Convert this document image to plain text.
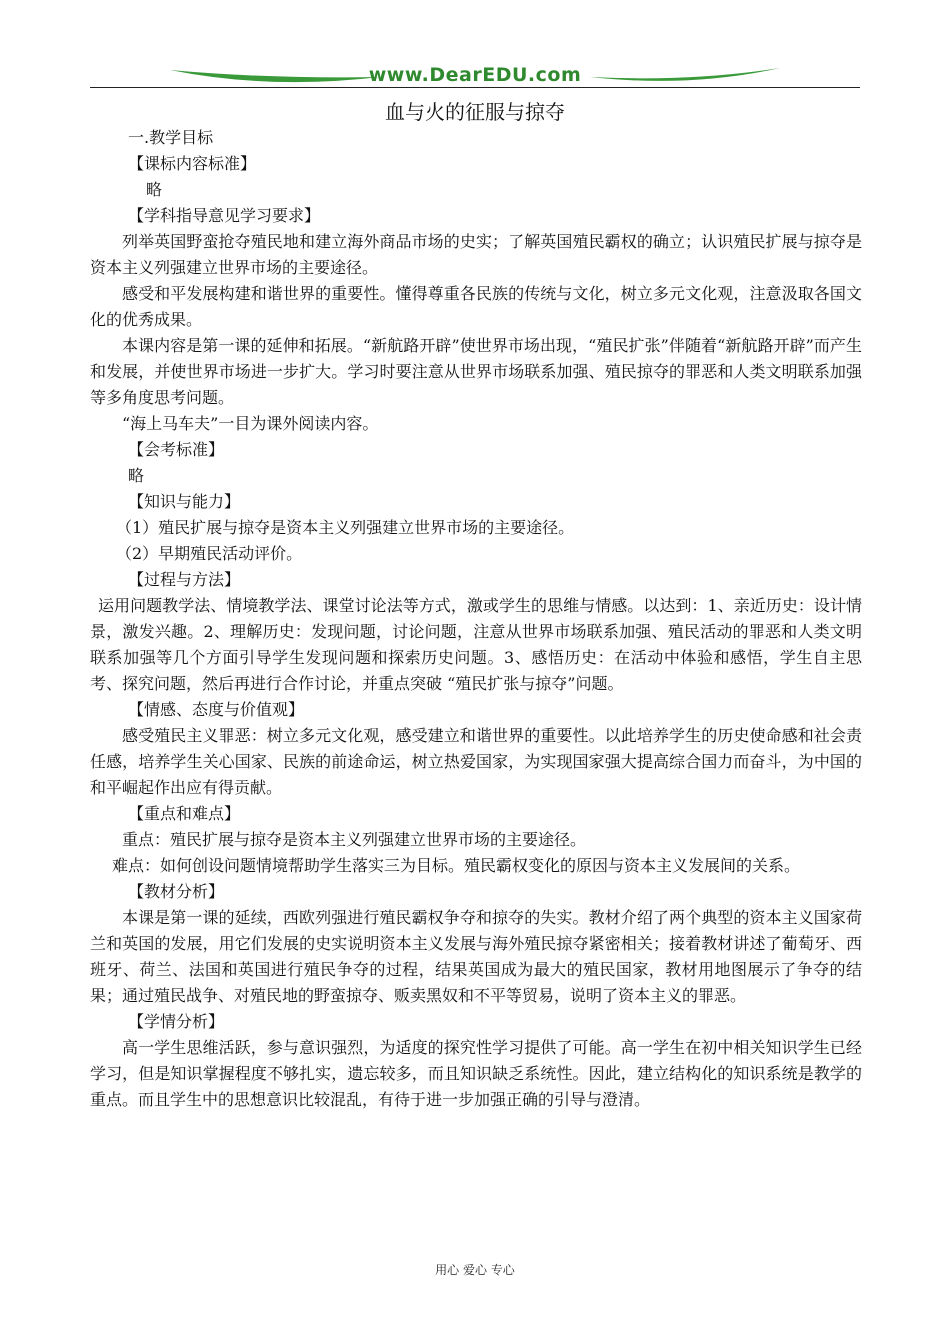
www.DearEDU.com
血与火的征服与掠夺

一.教学目标

【课标内容标准】

略

【学科指导意见学习要求】

列举英国野蛮抢夺殖民地和建立海外商品市场的史实；了解英国殖民霸权的确立；认识殖民扩展与掠夺是资本主义列强建立世界市场的主要途径。

感受和平发展构建和谐世界的重要性。懂得尊重各民族的传统与文化，树立多元文化观，注意汲取各国文化的优秀成果。

本课内容是第一课的延伸和拓展。“新航路开辟”使世界市场出现，“殖民扩张”伴随着“新航路开辟”而产生和发展，并使世界市场进一步扩大。学习时要注意从世界市场联系加强、殖民掠夺的罪恶和人类文明联系加强等多角度思考问题。

“海上马车夫”一目为课外阅读内容。

【会考标准】

略

【知识与能力】

（1）殖民扩展与掠夺是资本主义列强建立世界市场的主要途径。

（2）早期殖民活动评价。

【过程与方法】

运用问题教学法、情境教学法、课堂讨论法等方式，激或学生的思维与情感。以达到：1、亲近历史：设计情景，激发兴趣。2、理解历史：发现问题，讨论问题，注意从世界市场联系加强、殖民活动的罪恶和人类文明联系加强等几个方面引导学生发现问题和探索历史问题。3、感悟历史：在活动中体验和感悟，学生自主思考、探究问题，然后再进行合作讨论，并重点突破 “殖民扩张与掠夺”问题。

【情感、态度与价值观】

感受殖民主义罪恶：树立多元文化观，感受建立和谐世界的重要性。以此培养学生的历史使命感和社会责任感，培养学生关心国家、民族的前途命运，树立热爱国家，为实现国家强大提高综合国力而奋斗，为中国的和平崛起作出应有得贡献。

【重点和难点】

重点：殖民扩展与掠夺是资本主义列强建立世界市场的主要途径。

难点：如何创设问题情境帮助学生落实三为目标。殖民霸权变化的原因与资本主义发展间的关系。

【教材分析】

本课是第一课的延续，西欧列强进行殖民霸权争夺和掠夺的失实。教材介绍了两个典型的资本主义国家荷兰和英国的发展，用它们发展的史实说明资本主义发展与海外殖民掠夺紧密相关；接着教材讲述了葡萄牙、西班牙、荷兰、法国和英国进行殖民争夺的过程，结果英国成为最大的殖民国家，教材用地图展示了争夺的结果；通过殖民战争、对殖民地的野蛮掠夺、贩卖黑奴和不平等贸易，说明了资本主义的罪恶。

【学情分析】

高一学生思维活跃，参与意识强烈，为适度的探究性学习提供了可能。高一学生在初中相关知识学生已经学习，但是知识掌握程度不够扎实，遗忘较多，而且知识缺乏系统性。因此，建立结构化的知识系统是教学的重点。而且学生中的思想意识比较混乱，有待于进一步加强正确的引导与澄清。

用心 爱心 专心
